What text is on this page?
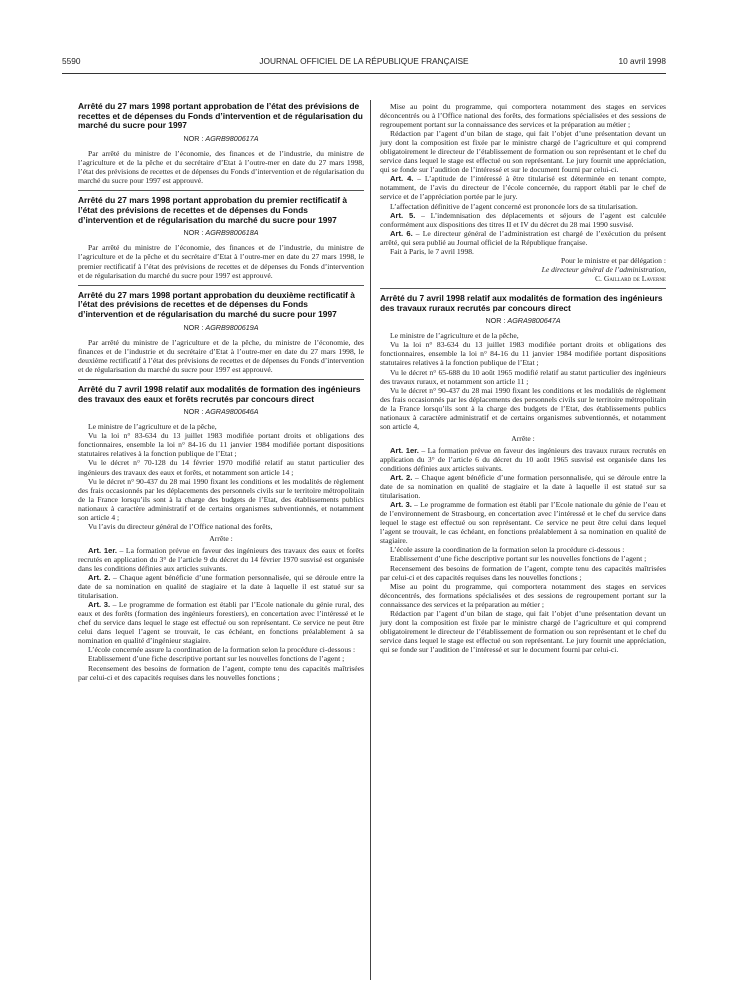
5590	JOURNAL OFFICIEL DE LA RÉPUBLIQUE FRANÇAISE	10 avril 1998
Arrêté du 27 mars 1998 portant approbation de l’état des prévisions de recettes et de dépenses du Fonds d’intervention et de régularisation du marché du sucre pour 1997
NOR : AGRB9800617A

Par arrêté du ministre de l’économie, des finances et de l’industrie, du ministre de l’agriculture et de la pêche et du secrétaire d’Etat à l’outre-mer en date du 27 mars 1998, l’état des prévisions de recettes et de dépenses du Fonds d’intervention et de régularisation du marché du sucre pour 1997 est approuvé.

Arrêté du 27 mars 1998 portant approbation du premier rectificatif à l’état des prévisions de recettes et de dépenses du Fonds d’intervention et de régularisation du marché du sucre pour 1997
NOR : AGRB9800618A

Par arrêté du ministre de l’économie, des finances et de l’industrie, du ministre de l’agriculture et de la pêche et du secrétaire d’Etat à l’outre-mer en date du 27 mars 1998, le premier rectificatif à l’état des prévisions de recettes et de dépenses du Fonds d’intervention et de régularisation du marché du sucre pour 1997 est approuvé.

Arrêté du 27 mars 1998 portant approbation du deuxième rectificatif à l’état des prévisions de recettes et de dépenses du Fonds d’intervention et de régularisation du marché du sucre pour 1997
NOR : AGRB9800619A

Par arrêté du ministre de l’agriculture et de la pêche, du ministre de l’économie, des finances et de l’industrie et du secrétaire d’Etat à l’outre-mer en date du 27 mars 1998, le deuxième rectificatif à l’état des prévisions de recettes et de dépenses du Fonds d’intervention et de régularisation du marché du sucre pour 1997 est approuvé.

Arrêté du 7 avril 1998 relatif aux modalités de formation des ingénieurs des travaux des eaux et forêts recrutés par concours direct
NOR : AGRA9800646A

Le ministre de l’agriculture et de la pêche,

Vu la loi n° 83-634 du 13 juillet 1983 modifiée portant droits et obligations des fonctionnaires, ensemble la loi n° 84-16 du 11 janvier 1984 modifiée portant dispositions statutaires relatives à la fonction publique de l’Etat ;

Vu le décret n° 70-128 du 14 février 1970 modifié relatif au statut particulier des ingénieurs des travaux des eaux et forêts, et notamment son article 14 ;

Vu le décret n° 90-437 du 28 mai 1990 fixant les conditions et les modalités de règlement des frais occasionnés par les déplacements des personnels civils sur le territoire métropolitain de la France lorsqu’ils sont à la charge des budgets de l’Etat, des établissements publics nationaux à caractère administratif et de certains organismes subventionnés, et notamment son article 4 ;

Vu l’avis du directeur général de l’Office national des forêts,

Arrête :

Art. 1er. – La formation prévue en faveur des ingénieurs des travaux des eaux et forêts recrutés en application du 3° de l’article 9 du décret du 14 février 1970 susvisé est organisée dans les conditions définies aux articles suivants.

Art. 2. – Chaque agent bénéficie d’une formation personnalisée, qui se déroule entre la date de sa nomination en qualité de stagiaire et la date à laquelle il est statué sur sa titularisation.

Art. 3. – Le programme de formation est établi par l’Ecole nationale du génie rural, des eaux et des forêts (formation des ingénieurs forestiers), en concertation avec l’intéressé et le chef du service dans lequel le stage est effectué ou son représentant. Ce service ne peut être celui dans lequel l’agent se trouvait, le cas échéant, en fonctions préalablement à sa nomination en qualité d’ingénieur stagiaire.

L’école concernée assure la coordination de la formation selon la procédure ci-dessous :

Etablissement d’une fiche descriptive portant sur les nouvelles fonctions de l’agent ;

Recensement des besoins de formation de l’agent, compte tenu des capacités maîtrisées par celui-ci et des capacités requises dans les nouvelles fonctions ;

Mise au point du programme, qui comportera notamment des stages en services déconcentrés ou à l’Office national des forêts, des formations spécialisées et des sessions de regroupement portant sur la connaissance des services et la préparation au métier ;

Rédaction par l’agent d’un bilan de stage, qui fait l’objet d’une présentation devant un jury dont la composition est fixée par le ministre chargé de l’agriculture et qui comprend obligatoirement le directeur de l’établissement de formation ou son représentant et le chef du service dans lequel le stage est effectué ou son représentant. Le jury fournit une appréciation, qui se fonde sur l’audition de l’intéressé et sur le document fourni par celui-ci.

Art. 4. – L’aptitude de l’intéressé à être titularisé est déterminée en tenant compte, notamment, de l’avis du directeur de l’école concernée, du rapport établi par le chef de service et de l’appréciation portée par le jury.

L’affectation définitive de l’agent concerné est prononcée lors de sa titularisation.

Art. 5. – L’indemnisation des déplacements et séjours de l’agent est calculée conformément aux dispositions des titres II et IV du décret du 28 mai 1990 susvisé.

Art. 6. – Le directeur général de l’administration est chargé de l’exécution du présent arrêté, qui sera publié au Journal officiel de la République française.

Fait à Paris, le 7 avril 1998.

Pour le ministre et par délégation :

Le directeur général de l’administration,

C. Gaillard de Laverne

Arrêté du 7 avril 1998 relatif aux modalités de formation des ingénieurs des travaux ruraux recrutés par concours direct
NOR : AGRA9800647A

Le ministre de l’agriculture et de la pêche,

Vu la loi n° 83-634 du 13 juillet 1983 modifiée portant droits et obligations des fonctionnaires, ensemble la loi n° 84-16 du 11 janvier 1984 modifiée portant dispositions statutaires relatives à la fonction publique de l’Etat ;

Vu le décret n° 65-688 du 10 août 1965 modifié relatif au statut particulier des ingénieurs des travaux ruraux, et notamment son article 11 ;

Vu le décret n° 90-437 du 28 mai 1990 fixant les conditions et les modalités de règlement des frais occasionnés par les déplacements des personnels civils sur le territoire métropolitain de la France lorsqu’ils sont à la charge des budgets de l’Etat, des établissements publics nationaux à caractère administratif et de certains organismes subventionnés, et notamment son article 4,

Arrête :

Art. 1er. – La formation prévue en faveur des ingénieurs des travaux ruraux recrutés en application du 3° de l’article 6 du décret du 10 août 1965 susvisé est organisée dans les conditions définies aux articles suivants.

Art. 2. – Chaque agent bénéficie d’une formation personnalisée, qui se déroule entre la date de sa nomination en qualité de stagiaire et la date à laquelle il est statué sur sa titularisation.

Art. 3. – Le programme de formation est établi par l’Ecole nationale du génie de l’eau et de l’environnement de Strasbourg, en concertation avec l’intéressé et le chef du service dans lequel le stage est effectué ou son représentant. Ce service ne peut être celui dans lequel l’agent se trouvait, le cas échéant, en fonctions préalablement à sa nomination en qualité de stagiaire.

L’école assure la coordination de la formation selon la procédure ci-dessous :

Etablissement d’une fiche descriptive portant sur les nouvelles fonctions de l’agent ;

Recensement des besoins de formation de l’agent, compte tenu des capacités maîtrisées par celui-ci et des capacités requises dans les nouvelles fonctions ;

Mise au point du programme, qui comportera notamment des stages en services déconcentrés, des formations spécialisées et des sessions de regroupement portant sur la connaissance des services et la préparation au métier ;

Rédaction par l’agent d’un bilan de stage, qui fait l’objet d’une présentation devant un jury dont la composition est fixée par le ministre chargé de l’agriculture et qui comprend obligatoirement le directeur de l’établissement de formation ou son représentant et le chef du service dans lequel le stage est effectué ou son représentant. Le jury fournit une appréciation, qui se fonde sur l’audition de l’intéressé et sur le document fourni par celui-ci.
